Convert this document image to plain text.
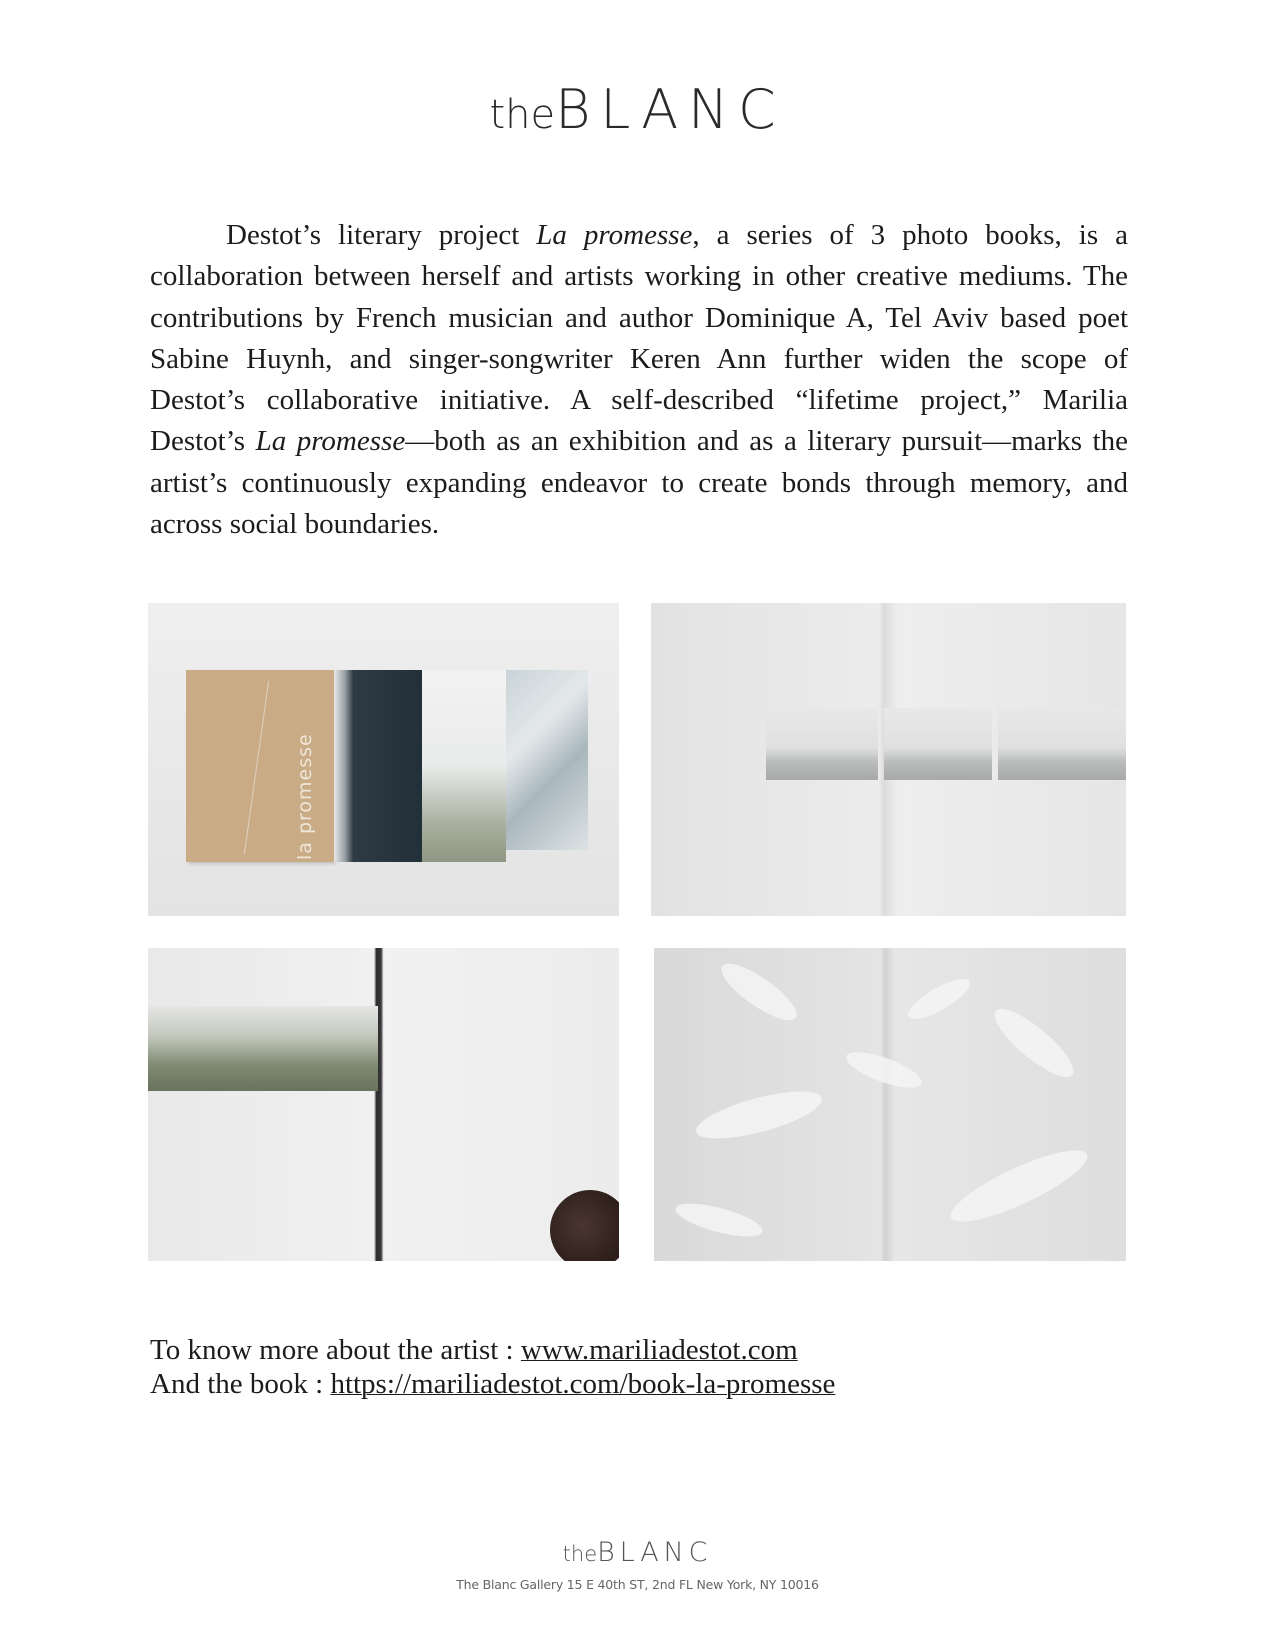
theBLANC

Destot’s literary project La promesse, a series of 3 photo books, is a collaboration between herself and artists working in other creative mediums. The contributions by French musician and author Dominique A, Tel Aviv based poet Sabine Huynh, and singer-songwriter Keren Ann further widen the scope of Destot’s collaborative initiative. A self-described “lifetime project,” Marilia Destot’s La promesse—both as an exhibition and as a literary pursuit—marks the artist’s continuously expanding endeavor to create bonds through memory, and across social boundaries.

la promesse
To know more about the artist : www.mariliadestot.com
And the book : https://mariliadestot.com/book-la-promesse
theBLANC
The Blanc Gallery 15 E 40th ST, 2nd FL New York, NY 10016
